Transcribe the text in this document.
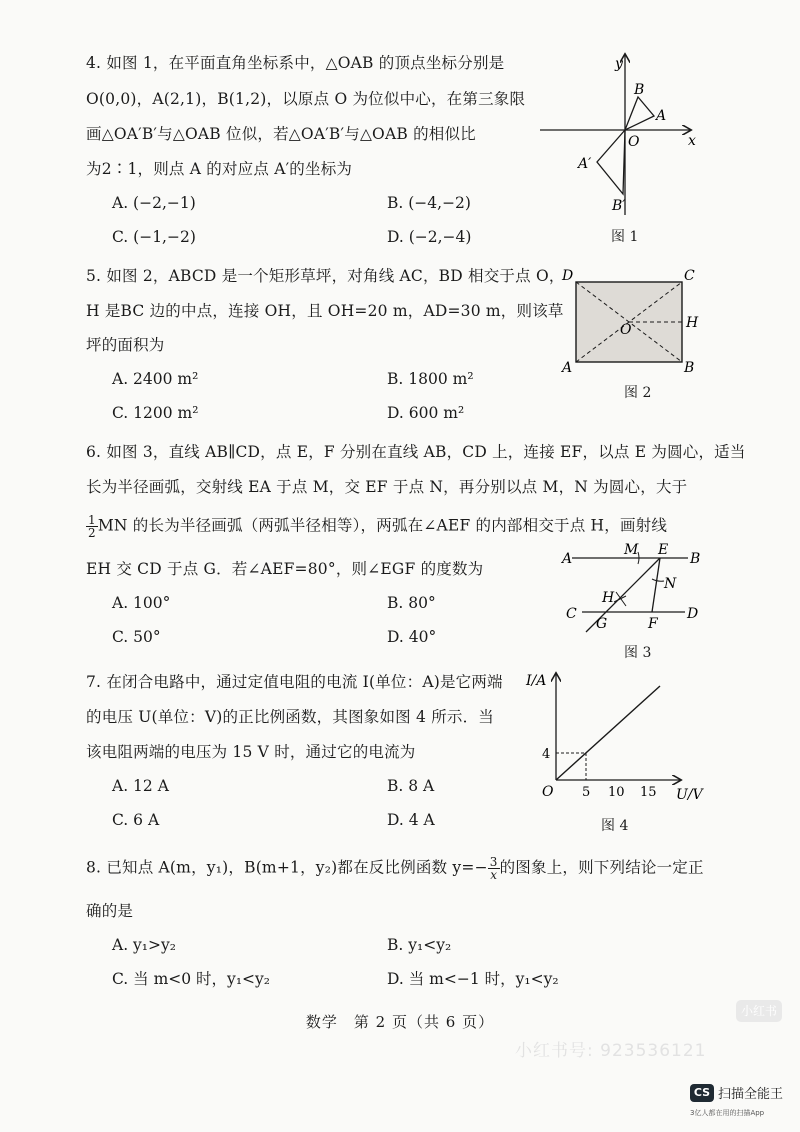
4. 如图 1，在平面直角坐标系中，△OAB 的顶点坐标分别是
O(0,0)，A(2,1)，B(1,2)，以原点 O 为位似中心，在第三象限
画△OA′B′与△OAB 位似，若△OA′B′与△OAB 的相似比
为2∶1，则点 A 的对应点 A′的坐标为
A. (−2,−1)	B. (−4,−2)
C. (−1,−2)	D. (−2,−4)
y
x
O
A
B
A′
B′
图 1
5. 如图 2，ABCD 是一个矩形草坪，对角线 AC，BD 相交于点 O，
H 是BC 边的中点，连接 OH，且 OH=20 m，AD=30 m，则该草
坪的面积为
A. 2400 m²	B. 1800 m²
C. 1200 m²	D. 600 m²
D	C
A	B
O	H
图 2
6. 如图 3，直线 AB∥CD，点 E，F 分别在直线 AB，CD 上，连接 EF，以点 E 为圆心，适当
长为半径画弧，交射线 EA 于点 M，交 EF 于点 N，再分别以点 M，N 为圆心，大于
$\frac{1}{2}$ MN 的长为半径画弧（两弧半径相等），两弧在∠AEF 的内部相交于点 H，画射线
EH 交 CD 于点 G．若∠AEF=80°，则∠EGF 的度数为
A. 100°	B. 80°
C. 50°	D. 40°
A	B
C	D
E
M
N
H
G	F
图 3
7. 在闭合电路中，通过定值电阻的电流 I(单位：A)是它两端
的电压 U(单位：V)的正比例函数，其图象如图 4 所示．当
该电阻两端的电压为 15 V 时，通过它的电流为
A. 12 A	B. 8 A
C. 6 A	D. 4 A
I/A
U/V
O
4
5 10 15
图 4
8. 已知点 A(m，y₁)，B(m+1，y₂)都在反比例函数 $y=- \frac{3}{x}$ 的图象上，则下列结论一定正
确的是
A. y₁>y₂	B. y₁<y₂
C. 当 m<0 时，y₁<y₂	D. 当 m<−1 时，y₁<y₂
数学　第 2 页（共 6 页）
小红书
小红书号: 9235361​21
CS 扫描全能王
3亿人都在用的扫描App
